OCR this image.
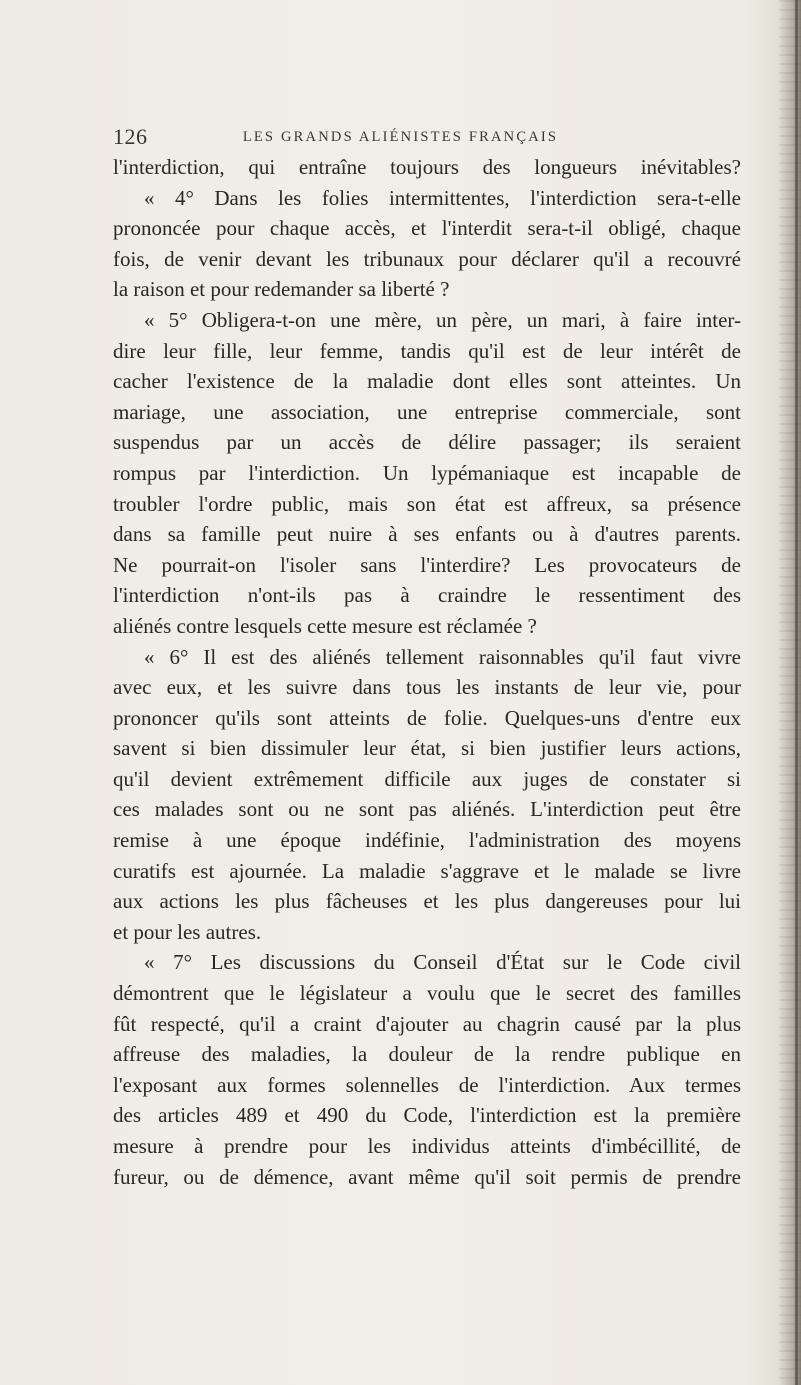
126	LES GRANDS ALIÉNISTES FRANÇAIS
l'interdiction, qui entraîne toujours des longueurs inévitables?
« 4° Dans les folies intermittentes, l'interdiction sera-t-elle
prononcée pour chaque accès, et l'interdit sera-t-il obligé, chaque
fois, de venir devant les tribunaux pour déclarer qu'il a recouvré
la raison et pour redemander sa liberté ?
« 5° Obligera-t-on une mère, un père, un mari, à faire inter-
dire leur fille, leur femme, tandis qu'il est de leur intérêt de
cacher l'existence de la maladie dont elles sont atteintes. Un
mariage, une association, une entreprise commerciale, sont
suspendus par un accès de délire passager; ils seraient
rompus par l'interdiction. Un lypémaniaque est incapable de
troubler l'ordre public, mais son état est affreux, sa présence
dans sa famille peut nuire à ses enfants ou à d'autres parents.
Ne pourrait-on l'isoler sans l'interdire? Les provocateurs de
l'interdiction n'ont-ils pas à craindre le ressentiment des
aliénés contre lesquels cette mesure est réclamée ?
« 6° Il est des aliénés tellement raisonnables qu'il faut vivre
avec eux, et les suivre dans tous les instants de leur vie, pour
prononcer qu'ils sont atteints de folie. Quelques-uns d'entre eux
savent si bien dissimuler leur état, si bien justifier leurs actions,
qu'il devient extrêmement difficile aux juges de constater si
ces malades sont ou ne sont pas aliénés. L'interdiction peut être
remise à une époque indéfinie, l'administration des moyens
curatifs est ajournée. La maladie s'aggrave et le malade se livre
aux actions les plus fâcheuses et les plus dangereuses pour lui
et pour les autres.
« 7° Les discussions du Conseil d'État sur le Code civil
démontrent que le législateur a voulu que le secret des familles
fût respecté, qu'il a craint d'ajouter au chagrin causé par la plus
affreuse des maladies, la douleur de la rendre publique en
l'exposant aux formes solennelles de l'interdiction. Aux termes
des articles 489 et 490 du Code, l'interdiction est la première
mesure à prendre pour les individus atteints d'imbécillité, de
fureur, ou de démence, avant même qu'il soit permis de prendre
